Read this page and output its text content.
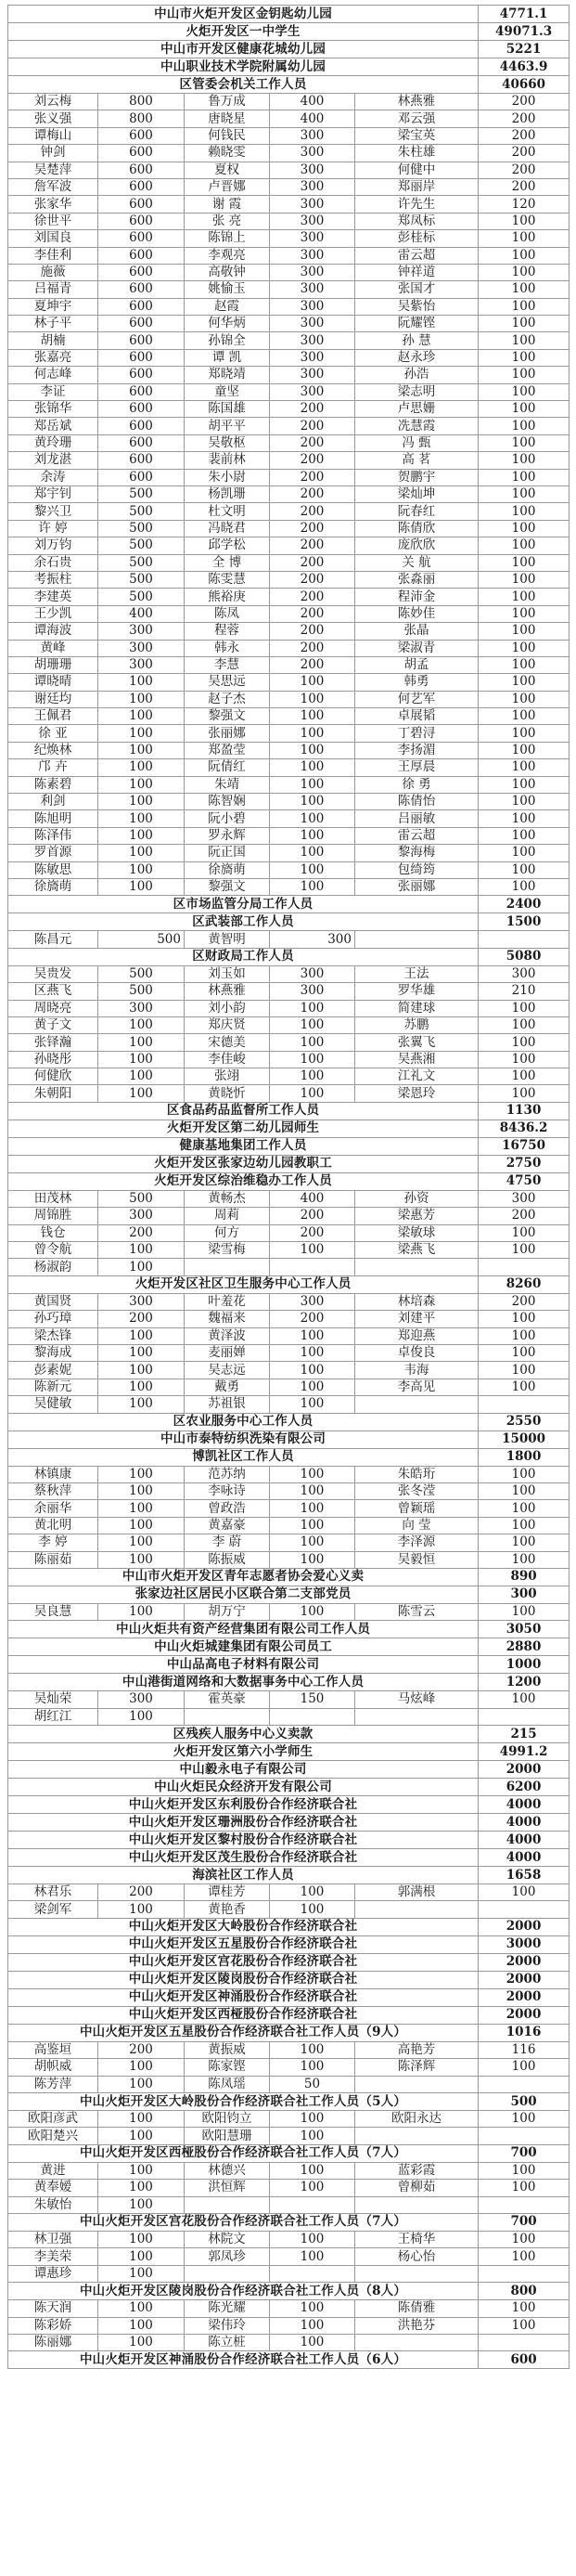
中山市火炬开发区金钥匙幼儿园					4771.1
火炬开发区一中学生					49071.3
中山市开发区健康花城幼儿园					5221
中山职业技术学院附属幼儿园					4463.9
区管委会机关工作人员					40660
刘云梅	800	鲁万成	400	林燕雅	200
张义强	800	唐晓星	400	邓云强	200
谭梅山	600	何钱民	300	梁宝英	200
钟剑	600	赖晓雯	300	朱柱雄	200
吴楚萍	600	夏权	300	何健中	200
詹军波	600	卢晋娜	300	郑丽岸	200
张家华	600	谢 霞	300	许先生	120
徐世平	600	张 亮	300	郑凤标	100
刘国良	600	陈锦上	300	彭桂标	100
李佳利	600	李观亮	300	雷云超	100
施薇	600	高敬钟	300	钟祥道	100
吕福青	600	姚愉玉	300	张国才	100
夏坤宇	600	赵霞	300	吴紫怡	100
林子平	600	何华炳	300	阮耀铿	100
胡楠	600	孙锦全	300	孙 慧	100
张嘉亮	600	谭 凯	300	赵永珍	100
何志峰	600	郑晓靖	300	孙浩	100
李证	600	童坚	300	梁志明	100
张锦华	600	陈国雄	200	卢思姗	100
郑岳斌	600	胡平平	200	冼慧霞	100
黄玲珊	600	吴敬枢	200	冯 甄	100
刘龙湛	600	裴前林	200	高 茗	100
余涛	600	朱小尉	200	贺鹏宇	100
郑宇钊	500	杨凯珊	200	梁灿坤	100
黎兴卫	500	杜文明	200	阮春红	100
许 婷	500	冯晓君	200	陈倩欣	100
刘万钧	500	邱学松	200	庞欣欣	100
余石贵	500	全 博	200	关 航	100
考振柱	500	陈雯慧	200	张淼丽	100
李建英	500	熊裕庚	200	程沛金	100
王少凯	400	陈凤	200	陈妙佳	100
谭海波	300	程蓉	200	张晶	100
黄峰	300	韩永	200	梁淑青	100
胡珊珊	300	李慧	200	胡孟	100
谭晓晴	100	吴思远	100	韩勇	100
谢廷均	100	赵子杰	100	何艺军	100
王佩君	100	黎强文	100	卓展韬	100
徐 亚	100	张丽娜	100	丁碧浔	100
纪焕林	100	郑盈莹	100	李扬湄	100
邝 卉	100	阮倩红	100	王厚晨	100
陈素碧	100	朱靖	100	徐 勇	100
利剑	100	陈智娴	100	陈倩怡	100
陈旭明	100	阮小碧	100	吕丽敏	100
陈泽伟	100	罗永辉	100	雷云超	100
罗首源	100	阮正国	100	黎海梅	100
陈敏思	100	徐旖萌	100	包绮筠	100
徐旖萌	100	黎强文	100	张丽娜	100
区市场监管分局工作人员					2400
区武装部工作人员					1500
陈昌元	500	黄智明	300		
区财政局工作人员					5080
吴贵发	500	刘玉如	300	王法	300
区燕飞	500	林燕雅	300	罗华雄	210
周晓亮	300	刘小韵	100	简建球	100
黄子文	100	郑庆贤	100	苏鹏	100
张铎瀚	100	宋德美	100	张翼飞	100
孙晓彤	100	李佳峻	100	吴燕湘	100
何健欣	100	张翊	100	江礼文	100
朱朝阳	100	黄晓忻	100	梁恩玲	100
区食品药品监督所工作人员					1130
火炬开发区第二幼儿园师生					8436.2
健康基地集团工作人员					16750
火炬开发区张家边幼儿园教职工					2750
火炬开发区综治维稳办工作人员					4750
田茂林	500	黄畅杰	400	孙资	300
周锦胜	300	周莉	200	梁惠芳	200
钱仓	200	何方	200	梁敏球	100
曾令航	100	梁雪梅	100	梁燕飞	100
杨淑韵	100				
火炬开发区社区卫生服务中心工作人员					8260
黄国贤	300	叶羞花	300	林培森	200
孙巧璋	200	魏福来	200	刘建平	100
梁杰锋	100	黄泽波	100	郑迎燕	100
黎海成	100	麦丽婵	100	卓俊良	100
彭素妮	100	吴志远	100	韦海	100
陈新元	100	戴勇	100	李高见	100
吴健敏	100	苏祖银	100		
区农业服务中心工作人员					2550
中山市泰特纺织洗染有限公司					15000
博凯社区工作人员					1800
林镇康	100	范苏纳	100	朱皓珩	100
蔡秋萍	100	李咏诗	100	张冬滢	100
余丽华	100	曾政浩	100	曾颖瑶	100
黄北明	100	黄嘉豪	100	向 莹	100
李 婷	100	李 蔚	100	李泽源	100
陈丽茹	100	陈振威	100	吴毅恒	100
中山市火炬开发区青年志愿者协会爱心义卖					890
张家边社区居民小区联合第二支部党员					300
吴良慧	100	胡万宁	100	陈雪云	100
中山火炬共有资产经营集团有限公司工作人员					3050
中山火炬城建集团有限公司员工					2880
中山品高电子材料有限公司					1000
中山港街道网络和大数据事务中心工作人员					1200
吴灿荣	300	霍英豪	150	马炫峰	100
胡红江	100				
区残疾人服务中心义卖款					215
火炬开发区第六小学师生					4991.2
中山毅永电子有限公司					2000
中山火炬民众经济开发有限公司					6200
中山火炬开发区东利股份合作经济联合社					4000
中山火炬开发区珊洲股份合作经济联合社					4000
中山火炬开发区黎村股份合作经济联合社					4000
中山火炬开发区茂生股份合作经济联合社					4000
海滨社区工作人员					1658
林君乐	200	谭桂芳	100	郭满根	100
梁剑军	100	黄艳香	100		
中山火炬开发区大岭股份合作经济联合社					2000
中山火炬开发区五星股份合作经济联合社					3000
中山火炬开发区宫花股份合作经济联合社					2000
中山火炬开发区陵岗股份合作经济联合社					2000
中山火炬开发区神涌股份合作经济联合社					2000
中山火炬开发区西桠股份合作经济联合社					2000
中山火炬开发区五星股份合作经济联合社工作人员（9人）					1016
高鉴垣	200	黄振威	100	高艳芳	116
胡帜威	100	陈家铿	100	陈泽辉	100
陈芳萍	100	陈凤瑶	50		
中山火炬开发区大岭股份合作经济联合社工作人员（5人）					500
欧阳彦武	100	欧阳钧立	100	欧阳永达	100
欧阳楚兴	100	欧阳慧珊	100		
中山火炬开发区西桠股份合作经济联合社工作人员（7人）					700
黄进	100	林德兴	100	蓝彩霞	100
黄奉嫒	100	洪恒辉	100	曾柳茹	100
朱敏怡	100				
中山火炬开发区宫花股份合作经济联合社工作人员（7人）					700
林卫强	100	林院文	100	王椅华	100
李美荣	100	郭凤珍	100	杨心怡	100
谭惠珍	100				
中山火炬开发区陵岗股份合作经济联合社工作人员（8人）					800
陈天润	100	陈光耀	100	陈倩雅	100
陈彩娇	100	梁伟玲	100	洪艳芬	100
陈丽娜	100	陈立桩	100		
中山火炬开发区神涌股份合作经济联合社工作人员（6人）					600
